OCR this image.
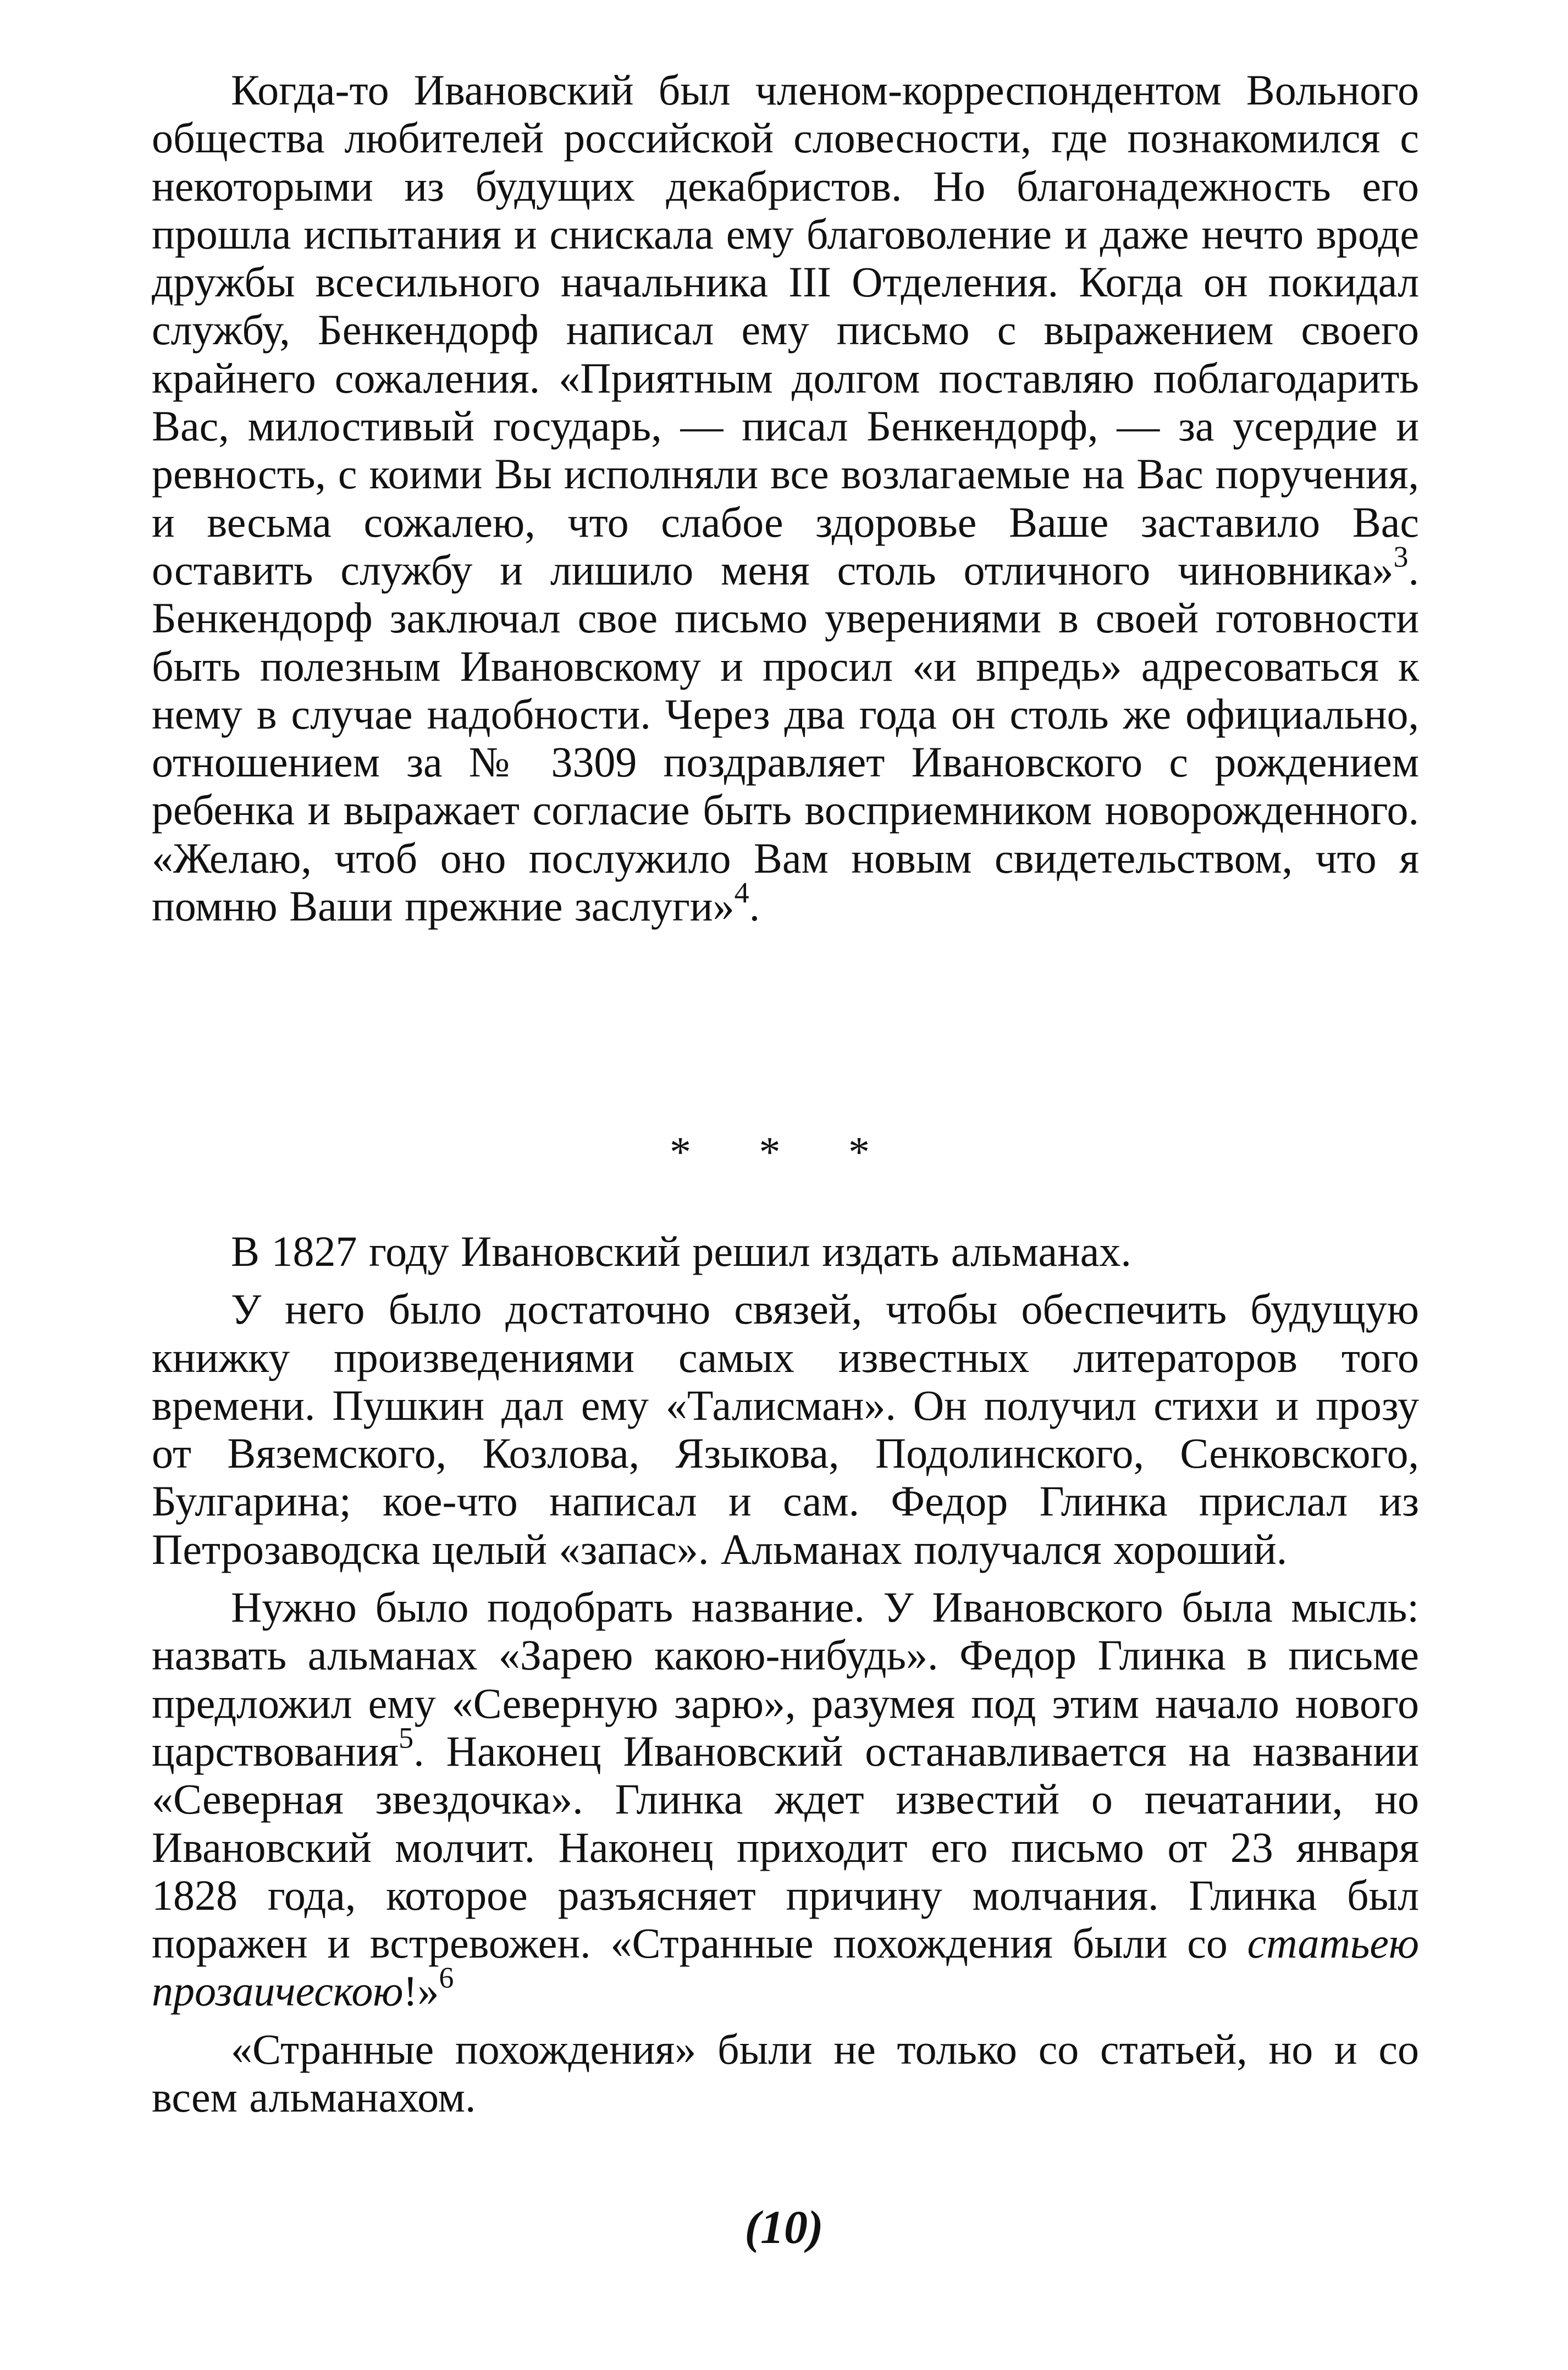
Когда-то Ивановский был членом-корреспондентом Вольного общества любителей российской словесности, где познакомился с некоторыми из будущих декабристов. Но благонадежность его прошла испытания и снискала ему благоволение и даже нечто вроде дружбы всесильного начальника III Отделения. Когда он покидал службу, Бенкендорф написал ему письмо с выражением своего крайнего сожаления. «Приятным долгом поставляю поблагодарить Вас, милостивый государь, — писал Бенкендорф, — за усердие и ревность, с коими Вы исполняли все возлагаемые на Вас поручения, и весьма сожалею, что слабое здоровье Ваше заставило Вас оставить службу и лишило меня столь отличного чиновника»$^3$. Бенкендорф заключал свое письмо уверениями в своей готовности быть полезным Ивановскому и просил «и впредь» адресоваться к нему в случае надобности. Через два года он столь же официально, отношением за № 3309 поздравляет Ивановского с рождением ребенка и выражает согласие быть восприемником новорожденного. «Желаю, чтоб оно послужило Вам новым свидетельством, что я помню Ваши прежние заслуги»$^4$.

* * *

В 1827 году Ивановский решил издать альманах.

У него было достаточно связей, чтобы обеспечить будущую книжку произведениями самых известных литераторов того времени. Пушкин дал ему «Талисман». Он получил стихи и прозу от Вяземского, Козлова, Языкова, Подолинского, Сенковского, Булгарина; кое-что написал и сам. Федор Глинка прислал из Петрозаводска целый «запас». Альманах получался хороший.

Нужно было подобрать название. У Ивановского была мысль: назвать альманах «Зарею какою-нибудь». Федор Глинка в письме предложил ему «Северную зарю», разумея под этим начало нового царствования$^5$. Наконец Ивановский останавливается на названии «Северная звездочка». Глинка ждет известий о печатании, но Ивановский молчит. Наконец приходит его письмо от 23 января 1828 года, которое разъясняет причину молчания. Глинка был поражен и встревожен. «Странные похождения были со статьею прозаическою!»$^6$

«Странные похождения» были не только со статьей, но и со всем альманахом.

(10)
